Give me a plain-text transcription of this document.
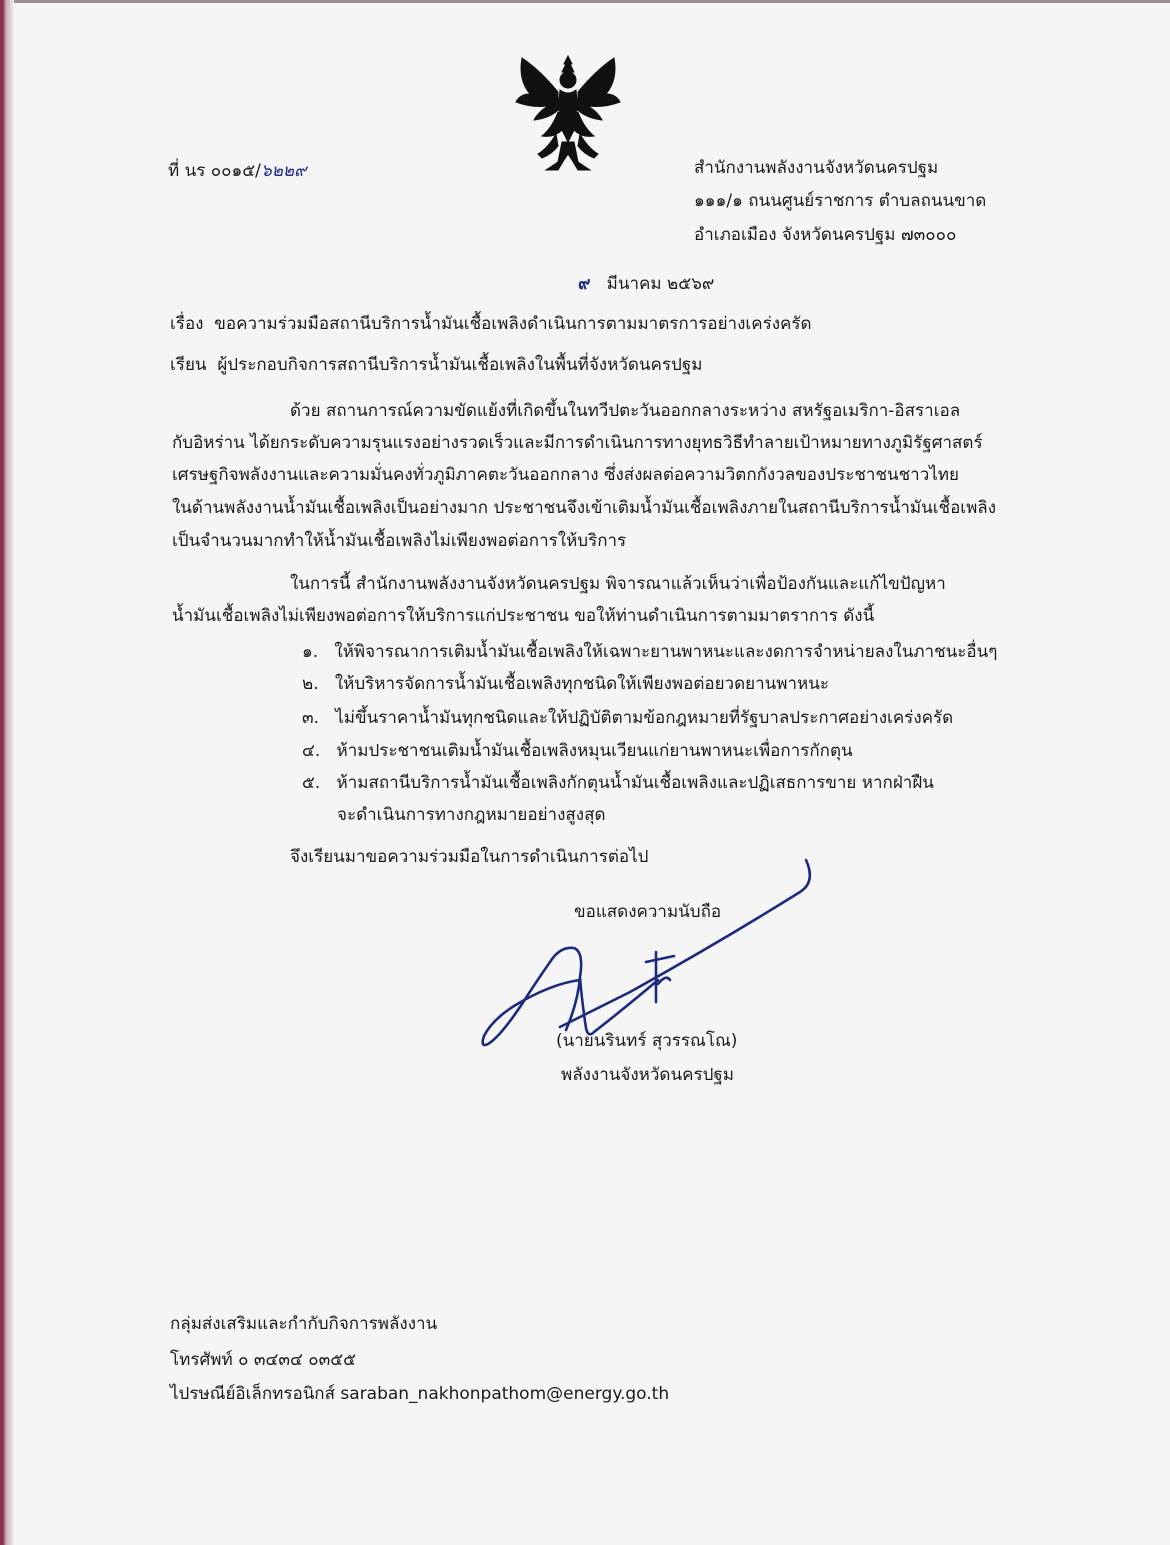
ที่ นร ๐๐๑๕/๖๒๒๙	สำนักงานพลังงานจังหวัดนครปฐม
๑๑๑/๑ ถนนศูนย์ราชการ ตำบลถนนขาด
อำเภอเมือง จังหวัดนครปฐม ๗๓๐๐๐
๙ มีนาคม ๒๕๖๙
เรื่อง ขอความร่วมมือสถานีบริการน้ำมันเชื้อเพลิงดำเนินการตามมาตรการอย่างเคร่งครัด
เรียน ผู้ประกอบกิจการสถานีบริการน้ำมันเชื้อเพลิงในพื้นที่จังหวัดนครปฐม
ด้วย สถานการณ์ความขัดแย้งที่เกิดขึ้นในทวีปตะวันออกกลางระหว่าง สหรัฐอเมริกา-อิสราเอล
กับอิหร่าน ได้ยกระดับความรุนแรงอย่างรวดเร็วและมีการดำเนินการทางยุทธวิธีทำลายเป้าหมายทางภูมิรัฐศาสตร์
เศรษฐกิจพลังงานและความมั่นคงทั่วภูมิภาคตะวันออกกลาง ซึ่งส่งผลต่อความวิตกกังวลของประชาชนชาวไทย
ในด้านพลังงานน้ำมันเชื้อเพลิงเป็นอย่างมาก ประชาชนจึงเข้าเติมน้ำมันเชื้อเพลิงภายในสถานีบริการน้ำมันเชื้อเพลิง
เป็นจำนวนมากทำให้น้ำมันเชื้อเพลิงไม่เพียงพอต่อการให้บริการ
ในการนี้ สำนักงานพลังงานจังหวัดนครปฐม พิจารณาแล้วเห็นว่าเพื่อป้องกันและแก้ไขปัญหา
น้ำมันเชื้อเพลิงไม่เพียงพอต่อการให้บริการแก่ประชาชน ขอให้ท่านดำเนินการตามมาตราการ ดังนี้
๑. ให้พิจารณาการเติมน้ำมันเชื้อเพลิงให้เฉพาะยานพาหนะและงดการจำหน่ายลงในภาชนะอื่นๆ
๒. ให้บริหารจัดการน้ำมันเชื้อเพลิงทุกชนิดให้เพียงพอต่อยวดยานพาหนะ
๓. ไม่ขึ้นราคาน้ำมันทุกชนิดและให้ปฏิบัติตามข้อกฎหมายที่รัฐบาลประกาศอย่างเคร่งครัด
๔. ห้ามประชาชนเติมน้ำมันเชื้อเพลิงหมุนเวียนแก่ยานพาหนะเพื่อการกักตุน
๕. ห้ามสถานีบริการน้ำมันเชื้อเพลิงกักตุนน้ำมันเชื้อเพลิงและปฏิเสธการขาย หากฝ่าฝืน
จะดำเนินการทางกฎหมายอย่างสูงสุด
จึงเรียนมาขอความร่วมมือในการดำเนินการต่อไป
ขอแสดงความนับถือ
(นายนรินทร์ สุวรรณโณ)
พลังงานจังหวัดนครปฐม
กลุ่มส่งเสริมและกำกับกิจการพลังงาน
โทรศัพท์ ๐ ๓๔๓๔ ๐๓๕๕
ไปรษณีย์อิเล็กทรอนิกส์ saraban_nakhonpathom@energy.go.th
